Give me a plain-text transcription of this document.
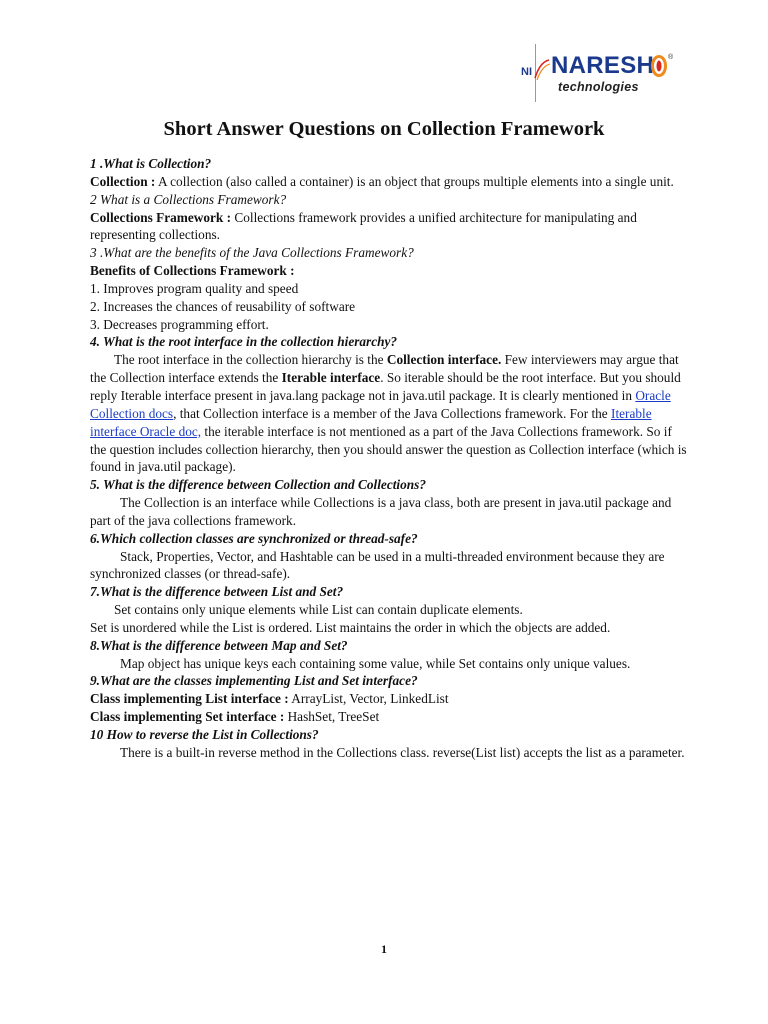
NI NARESH ®
technologies
Short Answer Questions on Collection Framework

1 .What is Collection?

Collection : A collection (also called a container) is an object that groups multiple elements into a single unit.

2 What is a Collections Framework?

Collections Framework : Collections framework provides a unified architecture for manipulating and representing collections.

3 .What are the benefits of the Java Collections Framework?

Benefits of Collections Framework :

1. Improves program quality and speed

2. Increases the chances of reusability of software

3. Decreases programming effort.

4. What is the root interface in the collection hierarchy?

The root interface in the collection hierarchy is the Collection interface. Few interviewers may argue that the Collection interface extends the Iterable interface. So iterable should be the root interface. But you should reply Iterable interface present in java.lang package not in java.util package. It is clearly mentioned in Oracle Collection docs, that Collection interface is a member of the Java Collections framework. For the Iterable interface Oracle doc, the iterable interface is not mentioned as a part of the Java Collections framework. So if the question includes collection hierarchy, then you should answer the question as Collection interface (which is found in java.util package).

5. What is the difference between Collection and Collections?

The Collection is an interface while Collections is a java class, both are present in java.util package and part of the java collections framework.

6.Which collection classes are synchronized or thread-safe?

Stack, Properties, Vector, and Hashtable can be used in a multi-threaded environment because they are synchronized classes (or thread-safe).

7.What is the difference between List and Set?

Set contains only unique elements while List can contain duplicate elements.

Set is unordered while the List is ordered. List maintains the order in which the objects are added.

8.What is the difference between Map and Set?

Map object has unique keys each containing some value, while Set contains only unique values.

9.What are the classes implementing List and Set interface?

Class implementing List interface : ArrayList, Vector, LinkedList

Class implementing Set interface : HashSet, TreeSet

10 How to reverse the List in Collections?

There is a built-in reverse method in the Collections class. reverse(List list) accepts the list as a parameter.

1
